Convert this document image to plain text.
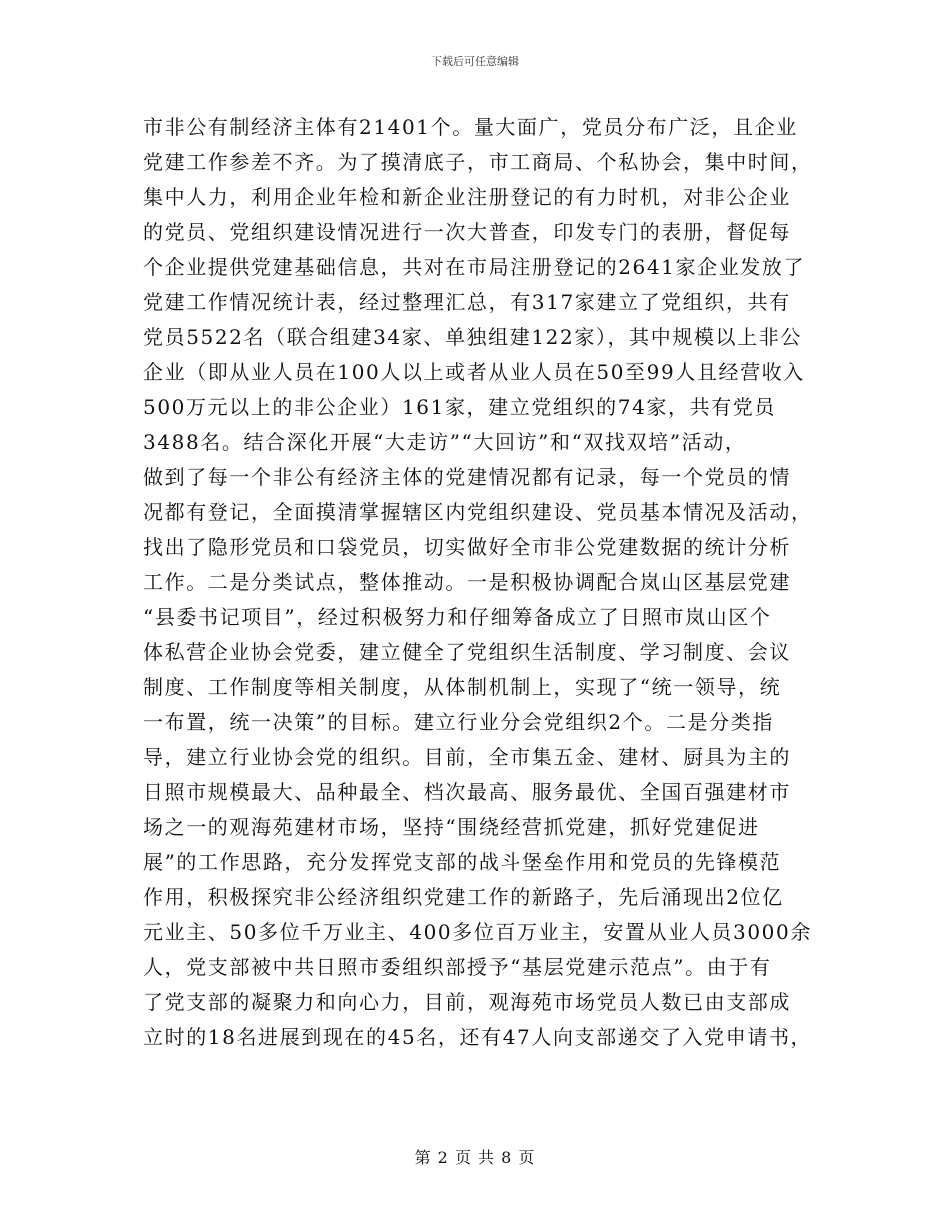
下载后可任意编辑
市非公有制经济主体有21401个。量大面广，党员分布广泛，且企业
党建工作参差不齐。为了摸清底子，市工商局、个私协会，集中时间，
集中人力，利用企业年检和新企业注册登记的有力时机，对非公企业
的党员、党组织建设情况进行一次大普查，印发专门的表册，督促每
个企业提供党建基础信息，共对在市局注册登记的2641家企业发放了
党建工作情况统计表，经过整理汇总，有317家建立了党组织，共有
党员5522名（联合组建34家、单独组建122家），其中规模以上非公
企业（即从业人员在100人以上或者从业人员在50至99人且经营收入
500万元以上的非公企业）161家，建立党组织的74家，共有党员
3488名。结合深化开展“大走访”“大回访”和“双找双培”活动，
做到了每一个非公有经济主体的党建情况都有记录，每一个党员的情
况都有登记，全面摸清掌握辖区内党组织建设、党员基本情况及活动，
找出了隐形党员和口袋党员，切实做好全市非公党建数据的统计分析
工作。二是分类试点，整体推动。一是积极协调配合岚山区基层党建
“县委书记项目”，经过积极努力和仔细筹备成立了日照市岚山区个
体私营企业协会党委，建立健全了党组织生活制度、学习制度、会议
制度、工作制度等相关制度，从体制机制上，实现了“统一领导，统
一布置，统一决策”的目标。建立行业分会党组织2个。二是分类指
导，建立行业协会党的组织。目前，全市集五金、建材、厨具为主的
日照市规模最大、品种最全、档次最高、服务最优、全国百强建材市
场之一的观海苑建材市场，坚持“围绕经营抓党建，抓好党建促进
展”的工作思路，充分发挥党支部的战斗堡垒作用和党员的先锋模范
作用，积极探究非公经济组织党建工作的新路子，先后涌现出2位亿
元业主、50多位千万业主、400多位百万业主，安置从业人员3000余
人，党支部被中共日照市委组织部授予“基层党建示范点”。由于有
了党支部的凝聚力和向心力，目前，观海苑市场党员人数已由支部成
立时的18名进展到现在的45名，还有47人向支部递交了入党申请书，
第 2 页 共 8 页
